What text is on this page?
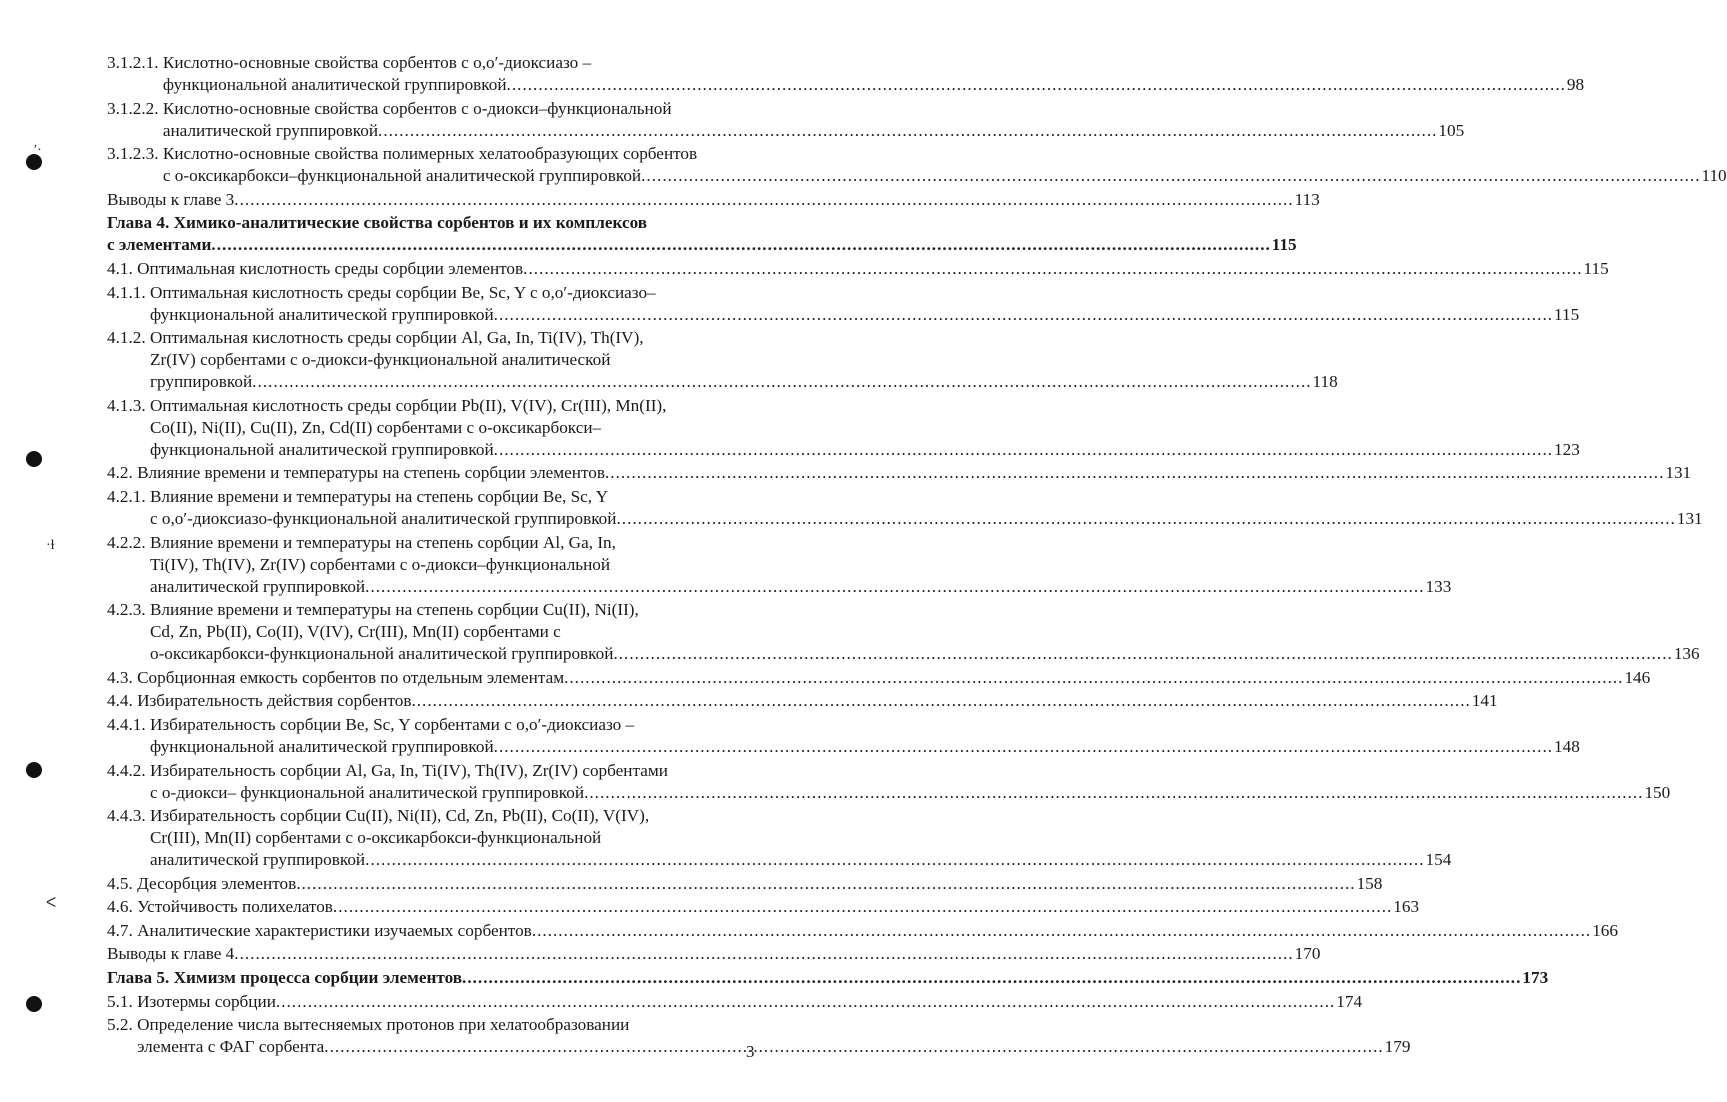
ʹ·
·ɫ
ᐸ
3.1.2.1. Кислотно-основные свойства сорбентов с о,о′-диоксиазо –
функциональной аналитической группировкой .....	98
3.1.2.2. Кислотно-основные свойства сорбентов с о-диокси–функциональной
аналитической группировкой .....	105
3.1.2.3. Кислотно-основные свойства полимерных хелатообразующих сорбентов
с о-оксикарбокси–функциональной аналитической группировкой .....	110
Выводы к главе 3 .....	113
Глава 4. Химико-аналитические свойства сорбентов и их комплексов
с элементами .....	115
4.1. Оптимальная кислотность среды сорбции элементов .....	115
4.1.1. Оптимальная кислотность среды сорбции Be, Sc, Y с о,о′-диоксиазо–
функциональной аналитической группировкой .....	115
4.1.2. Оптимальная кислотность среды сорбции Al, Ga, In, Ti(IV), Th(IV),
Zr(IV) сорбентами с о-диокси-функциональной аналитической
группировкой .....	118
4.1.3. Оптимальная кислотность среды сорбции Pb(II), V(IV), Cr(III), Mn(II),
Co(II), Ni(II), Cu(II), Zn, Cd(II) сорбентами с о-оксикарбокси–
функциональной аналитической группировкой .....	123
4.2. Влияние времени и температуры на степень сорбции элементов .....	131
4.2.1. Влияние времени и температуры на степень сорбции Be, Sc, Y
с о,о′-диоксиазо-функциональной аналитической группировкой .....	131
4.2.2. Влияние времени и температуры на степень сорбции Al, Ga, In,
Ti(IV), Th(IV), Zr(IV) сорбентами с о-диокси–функциональной
аналитической группировкой .....	133
4.2.3. Влияние времени и температуры на степень сорбции Cu(II), Ni(II),
Cd, Zn, Pb(II), Co(II), V(IV), Cr(III), Mn(II) сорбентами с
о-оксикарбокси-функциональной аналитической группировкой .....	136
4.3. Сорбционная емкость сорбентов по отдельным элементам .....	146
4.4. Избирательность действия сорбентов .....	141
4.4.1. Избирательность сорбции Be, Sc, Y сорбентами с о,о′-диоксиазо –
функциональной аналитической группировкой .....	148
4.4.2. Избирательность сорбции Al, Ga, In, Ti(IV), Th(IV), Zr(IV) сорбентами
с о-диокси– функциональной аналитической группировкой .....	150
4.4.3. Избирательность сорбции Cu(II), Ni(II), Cd, Zn, Pb(II), Co(II), V(IV),
Cr(III), Mn(II) сорбентами с о-оксикарбокси-функциональной
аналитической группировкой .....	154
4.5. Десорбция элементов .....	158
4.6. Устойчивость полихелатов .....	163
4.7. Аналитические характеристики изучаемых сорбентов .....	166
Выводы к главе 4 .....	170
Глава 5. Химизм процесса сорбции элементов .....	173
5.1. Изотермы сорбции .....	174
5.2. Определение числа вытесняемых протонов при хелатообразовании
элемента с ФАГ сорбента .....	179
3
